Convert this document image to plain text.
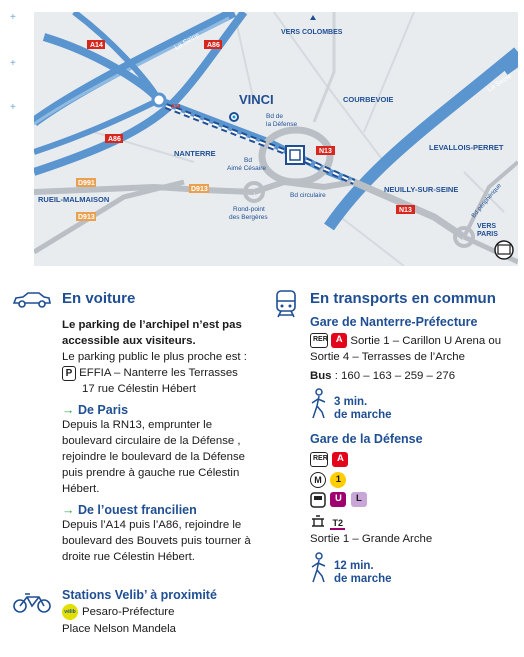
+
+
+
La Seine
La Seine
VERS COLOMBES
A14	A86
A86
A14	VINCI
Bd de
la Défense
COURBEVOIE
NANTERRE	N13	LEVALLOIS-PERRET
Bd
Aimé Césaire
D991
D913
D913
RUEIL-MALMAISON
Rond-point
des Bergères
Bd circulaire
NEUILLY-SUR-SEINE
N13	Bd périphérique
VERS
PARIS
En voiture
Le parking de l’archipel n’est pas accessible aux visiteurs.
Le parking public le plus proche est :
P EFFIA – Nanterre les Terrasses
17 rue Célestin Hébert
→ De Paris
Depuis la RN13, emprunter le
boulevard circulaire de la Défense ,
rejoindre le boulevard de la Défense
puis prendre à gauche rue Célestin
Hébert.
→ De l’ouest francilien
Depuis l’A14 puis l’A86, rejoindre le
boulevard des Bouvets puis tourner à
droite rue Célestin Hébert.
Stations Velib’ à proximité
vélib Pesaro-Préfecture
Place Nelson Mandela
En transports en commun
Gare de Nanterre-Préfecture
RER A Sortie 1 – Carillon U Arena ou
Sortie 4 – Terrasses de l’Arche
Bus : 160 – 163 – 259 – 276
3 min.
de marche
Gare de la Défense
RER A
M 1
U L
T2
Sortie 1 – Grande Arche
12 min.
de marche
